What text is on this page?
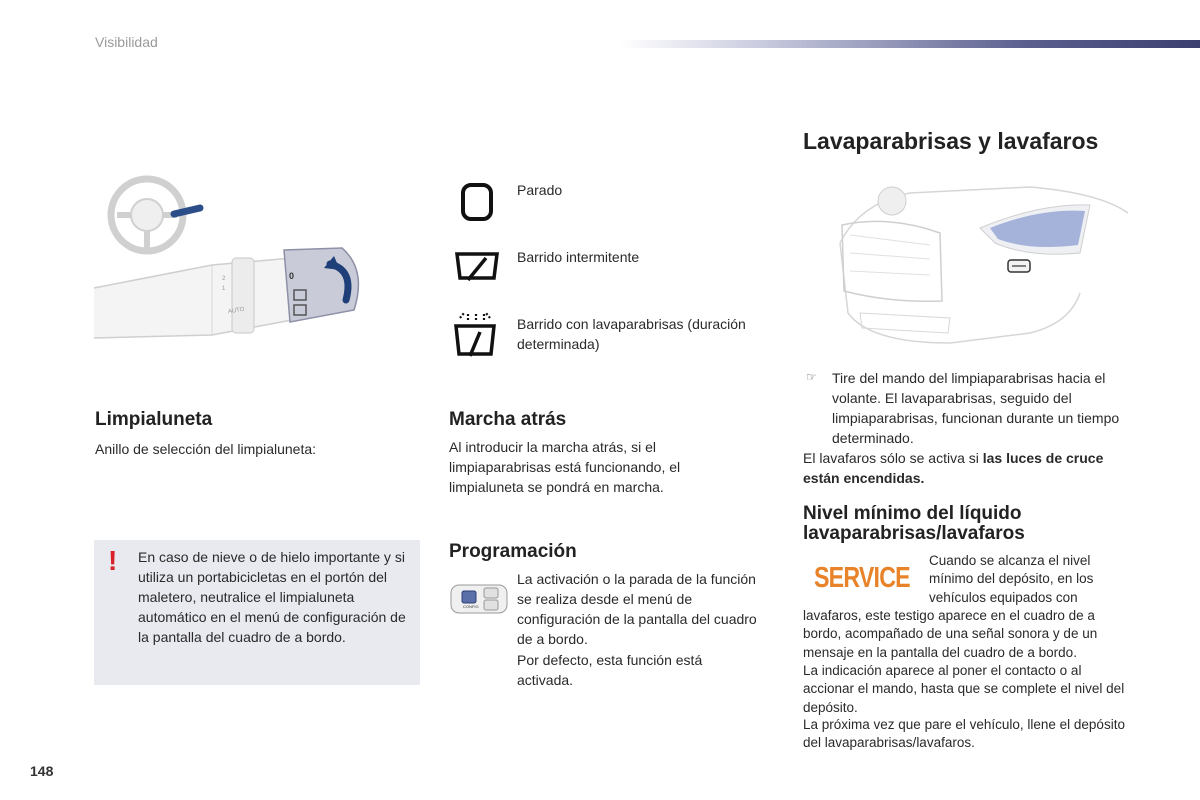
Visibilidad
0
2
1
AUTO
Parado
Barrido intermitente
Barrido con lavaparabrisas (duración determinada)
Limpialuneta
Anillo de selección del limpialuneta:
! En caso de nieve o de hielo importante y si utiliza un portabicicletas en el portón del maletero, neutralice el limpialuneta automático en el menú de configuración de la pantalla del cuadro de a bordo.
Marcha atrás
Al introducir la marcha atrás, si el limpiaparabrisas está funcionando, el limpialuneta se pondrá en marcha.
Programación
CONFIG
La activación o la parada de la función se realiza desde el menú de configuración de la pantalla del cuadro de a bordo.
Por defecto, esta función está activada.
Lavaparabrisas y lavafaros
☞ Tire del mando del limpiaparabrisas hacia el volante. El lavaparabrisas, seguido del limpiaparabrisas, funcionan durante un tiempo determinado.
El lavafaros sólo se activa si las luces de cruce están encendidas.
Nivel mínimo del líquido
lavaparabrisas/lavafaros
SERVICE
Cuando se alcanza el nivel
mínimo del depósito, en los
vehículos equipados con
lavafaros, este testigo aparece en el cuadro de a bordo, acompañado de una señal sonora y de un mensaje en la pantalla del cuadro de a bordo.
La indicación aparece al poner el contacto o al accionar el mando, hasta que se complete el nivel del depósito.
La próxima vez que pare el vehículo, llene el depósito del lavaparabrisas/lavafaros.
148
